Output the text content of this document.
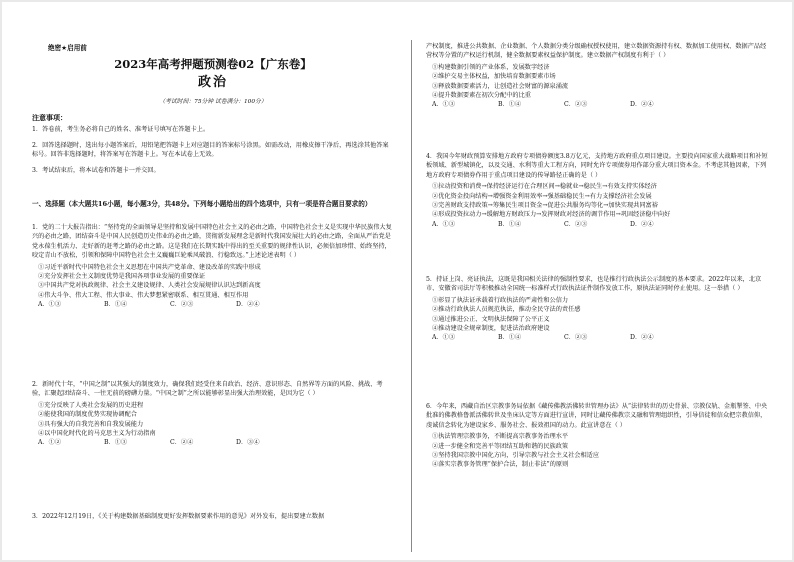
绝密★启用前
2023年高考押题预测卷02【广东卷】
政治
（考试时间：75分钟 试卷满分：100分）

注意事项：

1．答卷前，考生务必将自己的姓名、准考证号填写在答题卡上。

2．回答选择题时，选出每小题答案后，用铅笔把答题卡上对应题目的答案标号涂黑。如需改动，用橡皮擦干净后，再选涂其他答案标号。回答非选择题时，将答案写在答题卡上。写在本试卷上无效。

3．考试结束后，将本试卷和答题卡一并交回。

一、选择题（本大题共16小题，每小题3分，共48分。下列每小题给出的四个选项中，只有一项是符合题目要求的）

1．党的二十大报告指出：“坚持党的全面领导是坚持和发展中国特色社会主义的必由之路，中国特色社会主义是实现中华民族伟大复兴的必由之路，团结奋斗是中国人民创造历史伟业的必由之路，贯彻新发展理念是新时代我国发展壮大的必由之路，全面从严治党是党永葆生机活力、走好新的赶考之路的必由之路。这是我们在长期实践中得出的至关重要的规律性认识，必须倍加珍惜、始终坚持，咬定青山不放松，引领和保障中国特色社会主义巍巍巨轮乘风破浪、行稳致远。”上述论述表明（ ）

①习近平新时代中国特色社会主义思想在中国共产党革命、建设改革的实践中形成

②充分发挥社会主义制度优势是我国各项事业发展的重要保证

③中国共产党对执政规律、社会主义建设规律、人类社会发展规律认识达到新高度

④伟大斗争、伟大工程、伟大事业、伟大梦想紧密联系、相互贯通、相互作用

A．①③	B．①④	C．②③	D．②④

2．新时代十年，“中国之制”以其强大的制度效力，确保我们经受住来自政治、经济、意识形态、自然界等方面的风险、挑战、考验，汇聚起团结奋斗、一往无前的磅礴力量。“中国之制”之所以能够彰显出强大治理效能，是因为它（ ）

①充分反映了人类社会发展的历史进程

②能使我国的制度优势实现协调配合

③具有强大的自我完善和自我发展能力

④以中国化时代化的马克思主义为行动指南

A．①②	B．①③	C．②④	D．③④
3．2022年12月19日，《关于构建数据基础制度更好发挥数据要素作用的意见》对外发布，提出要建立数据

产权制度，推进公共数据、企业数据、个人数据分类分级确权授权使用，建立数据资源持有权、数据加工使用权、数据产品经营权等分置的产权运行机制，健全数据要素权益保护制度。建立数据产权制度有利于（ ）

①构建数据引领的产业体系，发展数字经济

②维护交易主体权益，加快培育数据要素市场

③释放数据要素活力，让创造社会财富的源泉涌流

④提升数据要素在初次分配中的比重

A．①③	B．①④	C．②③	D．②④

4．我国今年财政预算安排地方政府专项债券额度3.8万亿元，支持地方政府重点项目建设。主要投向国家重大战略项目和补短板领域、新型城镇化，以及交通、水利等重大工程方向，同时允许专项债券用作部分重大项目资本金。不考虑其他因素，下列地方政府专项债券作用于重点项目建设的传导路径正确的是（ ）

①拉动投资和消费→保持经济运行在合理区间→稳就业→稳民生→有效支持实体经济

②优化资金投向结构→增强资金利用效率→强基础稳民生→有力支撑经济社会发展

③完善财政支持政策→筹集民生项目资金→促进公共服务均等化→加快实现共同富裕

④形成投资拉动力→缓解地方财政压力→发挥财政对经济的调节作用→巩固经济稳中向好

A．①③	B．①④	C．②③	D．②④

5．持证上岗、亮证执法，这既是我国相关法律的强制性要求，也是推行行政执法公示制度的基本要求。2022年以来，北京市、安徽省司法厅等积极推动全国统一标准样式行政执法证件制作发放工作，原执法证同时停止使用。这一举措（ ）

①彰显了执法证承载着行政执法的严肃性和公信力

②推动行政执法人员规范执法，推动全民守法的责任感

③通过推进公正、文明执法保障了公平正义

④推动建设全规章制度，促进法治政府建设

A．①③	B．①④	C．②③	D．②④

6．今年来，西藏自治区宗教事务局依据《藏传佛教活佛转世管理办法》从“法律转世的历史背景、宗教仪轨、金瓶掣签、中央批准的佛教格鲁派活佛转世及坐床认定等方面进行宣讲，同时让藏传佛教宗义融和管理组织性，引导信徒和信众把宗教信仰，虔诚信念转化为建设家乡、服务社会、报效祖国的动力。此宣讲意在（ ）

①执法管理宗教事务，不断提高宗教事务治理水平

②进一步健全和完善平等团结互助和谐的民族政策

③坚持我国宗教中国化方向，引导宗教与社会主义社会相适应

④落实宗教事务管理“保护合法，制止非法”的原则
